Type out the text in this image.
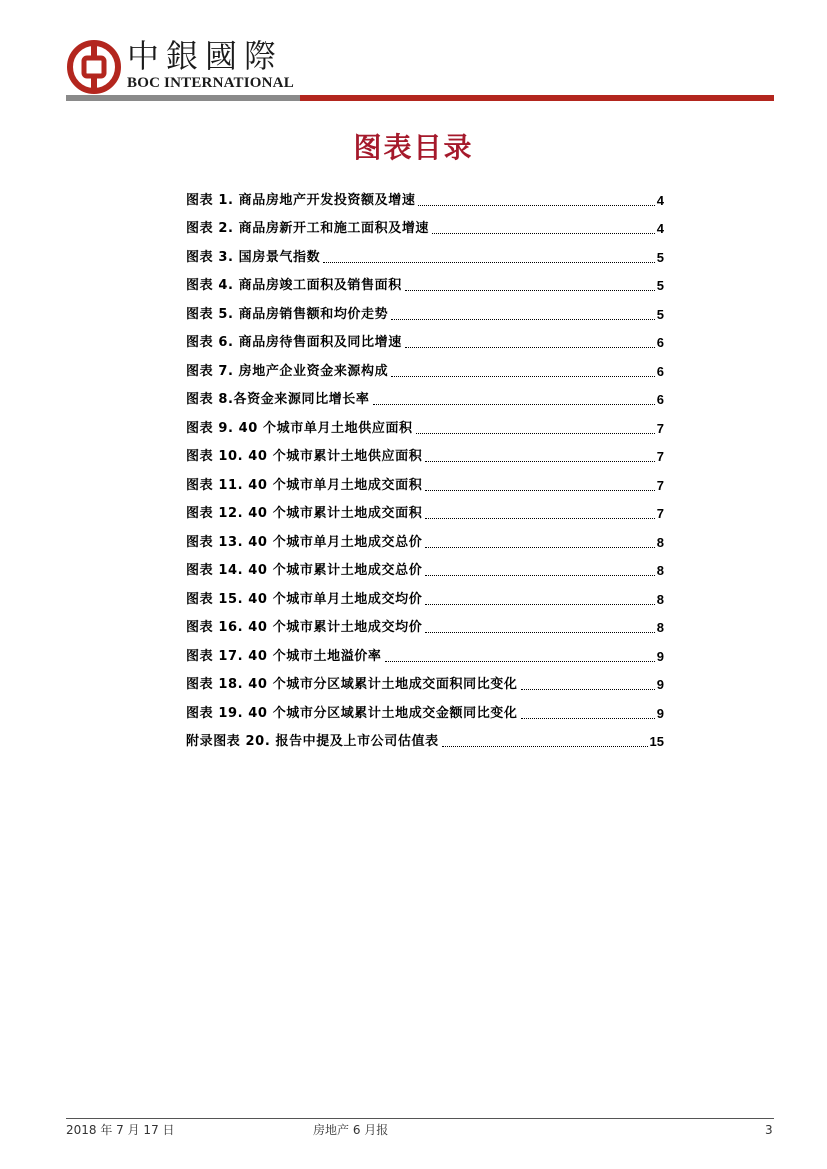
中銀國際
BOC INTERNATIONAL
图表目录
图表 1. 商品房地产开发投资额及增速	4
图表 2. 商品房新开工和施工面积及增速	4
图表 3. 国房景气指数	5
图表 4. 商品房竣工面积及销售面积	5
图表 5. 商品房销售额和均价走势	5
图表 6. 商品房待售面积及同比增速	6
图表 7. 房地产企业资金来源构成	6
图表 8.各资金来源同比增长率	6
图表 9. 40 个城市单月土地供应面积	7
图表 10. 40 个城市累计土地供应面积	7
图表 11. 40 个城市单月土地成交面积	7
图表 12. 40 个城市累计土地成交面积	7
图表 13. 40 个城市单月土地成交总价	8
图表 14. 40 个城市累计土地成交总价	8
图表 15. 40 个城市单月土地成交均价	8
图表 16. 40 个城市累计土地成交均价	8
图表 17. 40 个城市土地溢价率	9
图表 18. 40 个城市分区域累计土地成交面积同比变化	9
图表 19. 40 个城市分区域累计土地成交金额同比变化	9
附录图表 20. 报告中提及上市公司估值表	15
2018 年 7 月 17 日	房地产 6 月报	3
